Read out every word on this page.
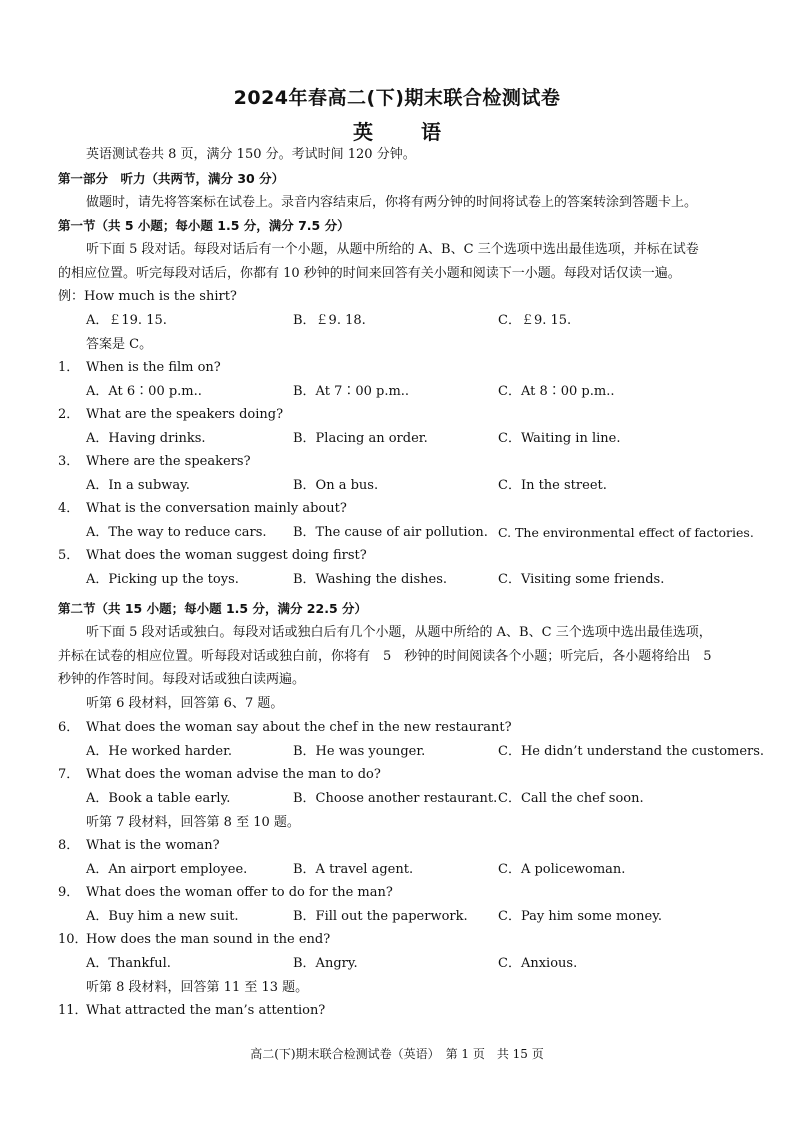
2024年春高二(下)期末联合检测试卷
英　语
英语测试卷共 8 页，满分 150 分。考试时间 120 分钟。
第一部分　听力（共两节，满分 30 分）
做题时，请先将答案标在试卷上。录音内容结束后，你将有两分钟的时间将试卷上的答案转涂到答题卡上。
第一节（共 5 小题；每小题 1.5 分，满分 7.5 分）
听下面 5 段对话。每段对话后有一个小题，从题中所给的 A、B、C 三个选项中选出最佳选项，并标在试卷
的相应位置。听完每段对话后，你都有 10 秒钟的时间来回答有关小题和阅读下一小题。每段对话仅读一遍。
例：How much is the shirt?
A．￡19. 15.	B．￡9. 18.	C．￡9. 15.
答案是 C。
1． When is the film on?
A．At 6∶00 p.m..	B．At 7∶00 p.m..	C．At 8∶00 p.m..
2． What are the speakers doing?
A．Having drinks.	B．Placing an order.	C．Waiting in line.
3． Where are the speakers?
A．In a subway.	B．On a bus.	C．In the street.
4． What is the conversation mainly about?
A．The way to reduce cars. B．The cause of air pollution. C. The environmental effect of factories.
5． What does the woman suggest doing first?
A．Picking up the toys.	B．Washing the dishes.	C．Visiting some friends.
第二节（共 15 小题；每小题 1.5 分，满分 22.5 分）
听下面 5 段对话或独白。每段对话或独白后有几个小题，从题中所给的 A、B、C 三个选项中选出最佳选项，
并标在试卷的相应位置。听每段对话或独白前，你将有　5　秒钟的时间阅读各个小题；听完后，各小题将给出　5
秒钟的作答时间。每段对话或独白读两遍。
听第 6 段材料，回答第 6、7 题。
6． What does the woman say about the chef in the new restaurant?
A．He worked harder.	B．He was younger.	C．He didn’t understand the customers.
7． What does the woman advise the man to do?
A．Book a table early.	B．Choose another restaurant. C．Call the chef soon.
听第 7 段材料，回答第 8 至 10 题。
8． What is the woman?
A．An airport employee.	B．A travel agent.	C．A policewoman.
9． What does the woman offer to do for the man?
A．Buy him a new suit.	B．Fill out the paperwork. C．Pay him some money.
10．
How does the man sound in the end?
A．Thankful.	B．Angry.	C．Anxious.
听第 8 段材料，回答第 11 至 13 题。
11．
What attracted the man’s attention?
高二(下)期末联合检测试卷（英语）　第 1 页　共 15 页
